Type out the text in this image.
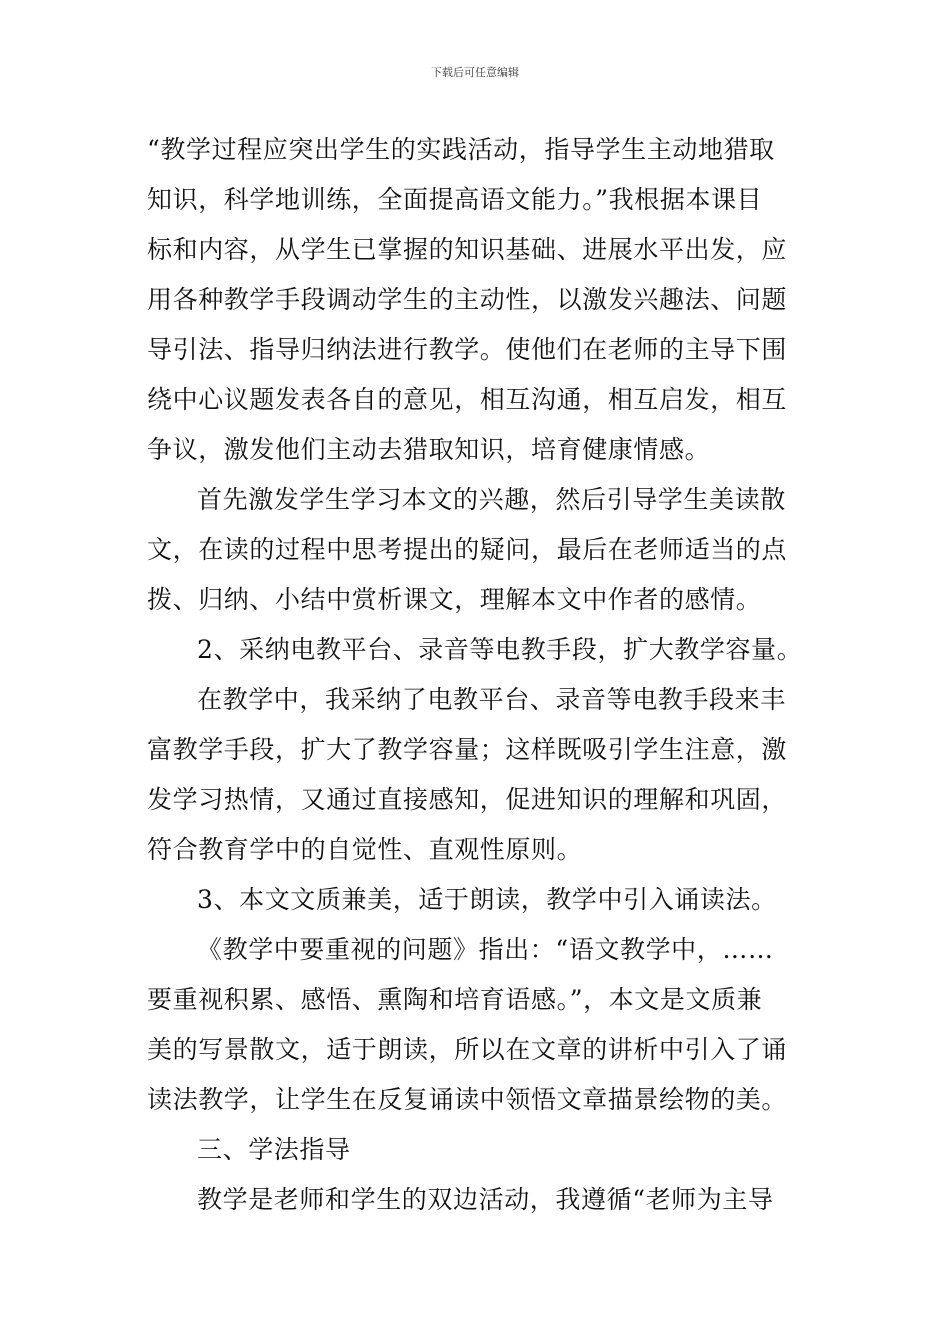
下载后可任意编辑

“教学过程应突出学生的实践活动，指导学生主动地猎取
知识，科学地训练，全面提高语文能力。”我根据本课目
标和内容，从学生已掌握的知识基础、进展水平出发，应
用各种教学手段调动学生的主动性，以激发兴趣法、问题
导引法、指导归纳法进行教学。使他们在老师的主导下围
绕中心议题发表各自的意见，相互沟通，相互启发，相互
争议，激发他们主动去猎取知识，培育健康情感。

首先激发学生学习本文的兴趣，然后引导学生美读散
文，在读的过程中思考提出的疑问，最后在老师适当的点
拨、归纳、小结中赏析课文，理解本文中作者的感情。

2、采纳电教平台、录音等电教手段，扩大教学容量。

在教学中，我采纳了电教平台、录音等电教手段来丰
富教学手段，扩大了教学容量；这样既吸引学生注意，激
发学习热情，又通过直接感知，促进知识的理解和巩固，
符合教育学中的自觉性、直观性原则。

3、本文文质兼美，适于朗读，教学中引入诵读法。

《教学中要重视的问题》指出：“语文教学中，……
要重视积累、感悟、熏陶和培育语感。”，本文是文质兼
美的写景散文，适于朗读，所以在文章的讲析中引入了诵
读法教学，让学生在反复诵读中领悟文章描景绘物的美。

三、学法指导

教学是老师和学生的双边活动，我遵循“老师为主导
